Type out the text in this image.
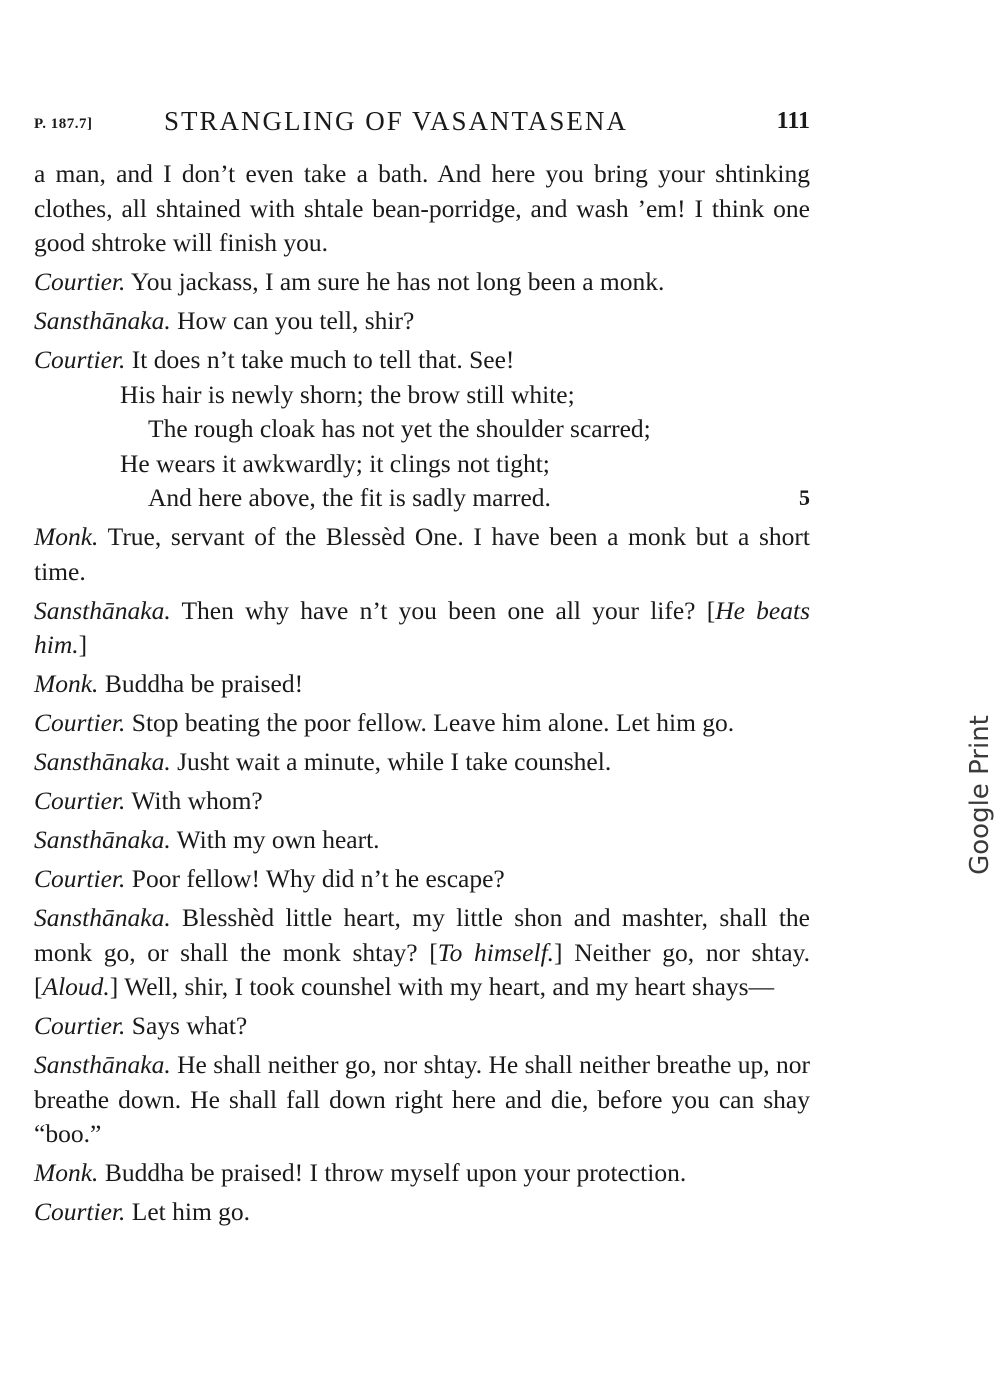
P. 187.7]	STRANGLING OF VASANTASENA	111

a man, and I don’t even take a bath. And here you bring your shtinking clothes, all shtained with shtale bean-porridge, and wash ’em! I think one good shtroke will finish you.

Courtier. You jackass, I am sure he has not long been a monk.

Sansthānaka. How can you tell, shir?

Courtier. It does n’t take much to tell that. See!

His hair is newly shorn; the brow still white;
The rough cloak has not yet the shoulder scarred;
He wears it awkwardly; it clings not tight;
And here above, the fit is sadly marred.	5

Monk. True, servant of the Blessèd One. I have been a monk but a short time.

Sansthānaka. Then why have n’t you been one all your life? [He beats him.]

Monk. Buddha be praised!

Courtier. Stop beating the poor fellow. Leave him alone. Let him go.

Sansthānaka. Jusht wait a minute, while I take counshel.

Courtier. With whom?

Sansthānaka. With my own heart.

Courtier. Poor fellow! Why did n’t he escape?

Sansthānaka. Blesshèd little heart, my little shon and mashter, shall the monk go, or shall the monk shtay? [To himself.] Neither go, nor shtay. [Aloud.] Well, shir, I took counshel with my heart, and my heart shays—

Courtier. Says what?

Sansthānaka. He shall neither go, nor shtay. He shall neither breathe up, nor breathe down. He shall fall down right here and die, before you can shay “boo.”

Monk. Buddha be praised! I throw myself upon your protection.

Courtier. Let him go.

Google Print
